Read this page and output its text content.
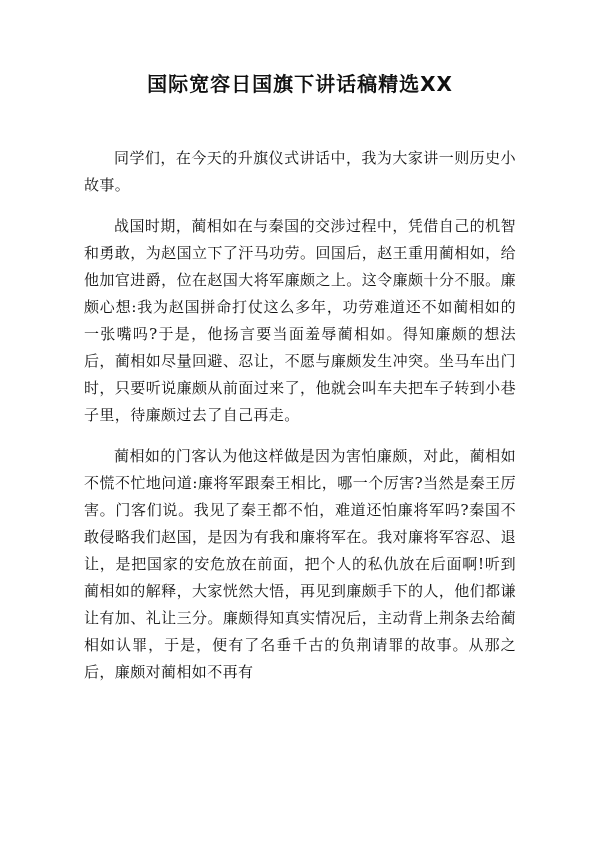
国际宽容日国旗下讲话稿精选XX

同学们，在今天的升旗仪式讲话中，我为大家讲一则历史小故事。

战国时期，蔺相如在与秦国的交涉过程中，凭借自己的机智和勇敢，为赵国立下了汗马功劳。回国后，赵王重用蔺相如，给他加官进爵，位在赵国大将军廉颇之上。这令廉颇十分不服。廉颇心想:我为赵国拼命打仗这么多年，功劳难道还不如蔺相如的一张嘴吗?于是，他扬言要当面羞辱蔺相如。得知廉颇的想法后，蔺相如尽量回避、忍让，不愿与廉颇发生冲突。坐马车出门时，只要听说廉颇从前面过来了，他就会叫车夫把车子转到小巷子里，待廉颇过去了自己再走。

蔺相如的门客认为他这样做是因为害怕廉颇，对此，蔺相如不慌不忙地问道:廉将军跟秦王相比，哪一个厉害?当然是秦王厉害。门客们说。我见了秦王都不怕，难道还怕廉将军吗?秦国不敢侵略我们赵国，是因为有我和廉将军在。我对廉将军容忍、退让，是把国家的安危放在前面，把个人的私仇放在后面啊!听到蔺相如的解释，大家恍然大悟，再见到廉颇手下的人，他们都谦让有加、礼让三分。廉颇得知真实情况后，主动背上荆条去给蔺相如认罪，于是，便有了名垂千古的负荆请罪的故事。从那之后，廉颇对蔺相如不再有
